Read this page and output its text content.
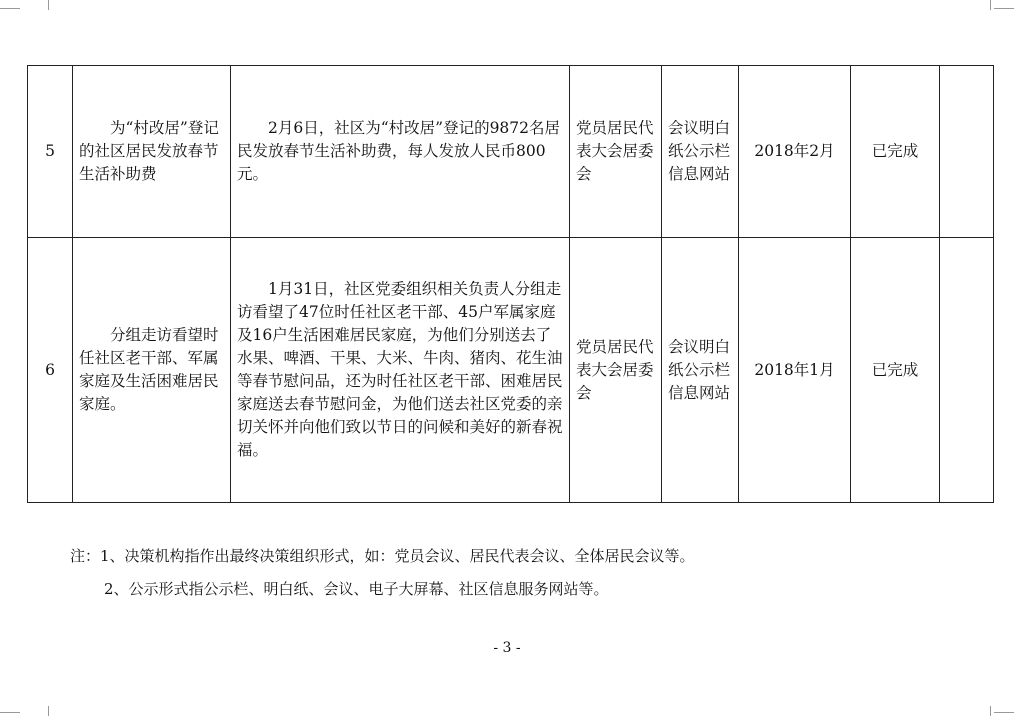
5	为“村改居”登记的社区居民发放春节生活补助费	2月6日，社区为“村改居”登记的9872名居民发放春节生活补助费，每人发放人民币800元。	党员居民代表大会居委会	会议明白纸公示栏信息网站	2018年2月	已完成	
6	分组走访看望时任社区老干部、军属家庭及生活困难居民家庭。	1月31日，社区党委组织相关负责人分组走访看望了47位时任社区老干部、45户军属家庭及16户生活困难居民家庭，为他们分别送去了水果、啤酒、干果、大米、牛肉、猪肉、花生油等春节慰问品，还为时任社区老干部、困难居民家庭送去春节慰问金，为他们送去社区党委的亲切关怀并向他们致以节日的问候和美好的新春祝福。	党员居民代表大会居委会	会议明白纸公示栏信息网站	2018年1月	已完成	
注：1、决策机构指作出最终决策组织形式，如：党员会议、居民代表会议、全体居民会议等。
2、公示形式指公示栏、明白纸、会议、电子大屏幕、社区信息服务网站等。
- 3 -
